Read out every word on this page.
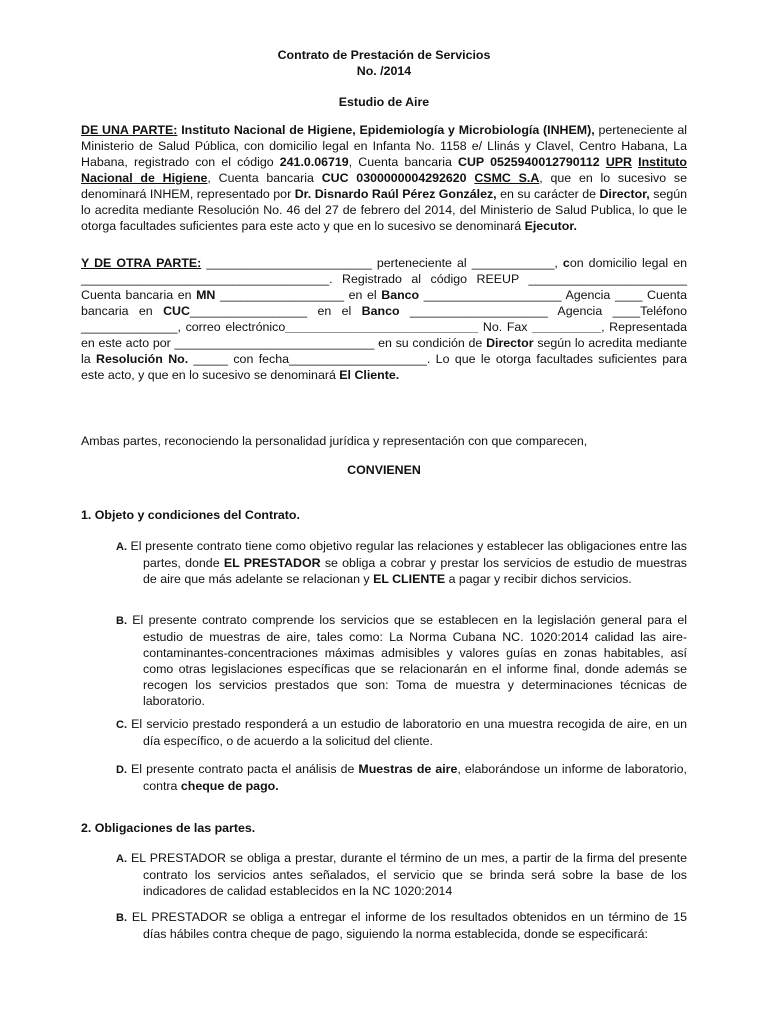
Contrato de Prestación de Servicios
No. /2014
Estudio de Aire

DE UNA PARTE: Instituto Nacional de Higiene, Epidemiología y Microbiología (INHEM), perteneciente al Ministerio de Salud Pública, con domicilio legal en Infanta No. 1158 e/ Llinás y Clavel, Centro Habana, La Habana, registrado con el código 241.0.06719, Cuenta bancaria CUP 052594001279011​2 UPR Instituto Nacional de Higiene, Cuenta bancaria CUC 0300000004292620 CSMC S.A, que en lo sucesivo se denominará INHEM, representado por Dr. Disnardo Raúl Pérez González, en su carácter de Director, según lo acredita mediante Resolución No. 46 del 27 de febrero del 2014, del Ministerio de Salud Publica, lo que le otorga facultades suficientes para este acto y que en lo sucesivo se denominará Ejecutor.

Y DE OTRA PARTE: ________________________ perteneciente al ____________, con domicilio legal en ____________________________________. Registrado al código REEUP _______________________ Cuenta bancaria en MN __________________ en el Banco ____________________ Agencia ____ Cuenta bancaria en CUC_________________ en el Banco ____________________ Agencia ____Teléfono ______________, correo electrónico____________________________ No. Fax __________, Representada en este acto por _____________________________ en su condición de Director según lo acredita mediante la Resolución No. _____ con fecha____________________. Lo que le otorga facultades suficientes para este acto, y que en lo sucesivo se denominará El Cliente.

Ambas partes, reconociendo la personalidad jurídica y representación con que comparecen,
CONVIENEN
1. Objeto y condiciones del Contrato.
A. El presente contrato tiene como objetivo regular las relaciones y establecer las obligaciones entre las partes, donde EL PRESTADOR se obliga a cobrar y prestar los servicios de estudio de muestras de aire que más adelante se relacionan y EL CLIENTE a pagar y recibir dichos servicios.
B. El presente contrato comprende los servicios que se establecen en la legislación general para el estudio de muestras de aire, tales como: La Norma Cubana NC. 1020:2014 calidad las aire-contaminantes-concentraciones máximas admisibles y valores guías en zonas habitables, así como otras legislaciones específicas que se relacionarán en el informe final, donde además se recogen los servicios prestados que son: Toma de muestra y determinaciones técnicas de laboratorio.
C. El servicio prestado responderá a un estudio de laboratorio en una muestra recogida de aire, en un día específico, o de acuerdo a la solicitud del cliente.
D. El presente contrato pacta el análisis de Muestras de aire, elaborándose un informe de laboratorio, contra cheque de pago.
2. Obligaciones de las partes.
A. EL PRESTADOR se obliga a prestar, durante el término de un mes, a partir de la firma del presente contrato los servicios antes señalados, el servicio que se brinda será sobre la base de los indicadores de calidad establecidos en la NC 1020:2014
B. EL PRESTADOR se obliga a entregar el informe de los resultados obtenidos en un término de 15 días hábiles contra cheque de pago, siguiendo la norma establecida, donde se especificará:
